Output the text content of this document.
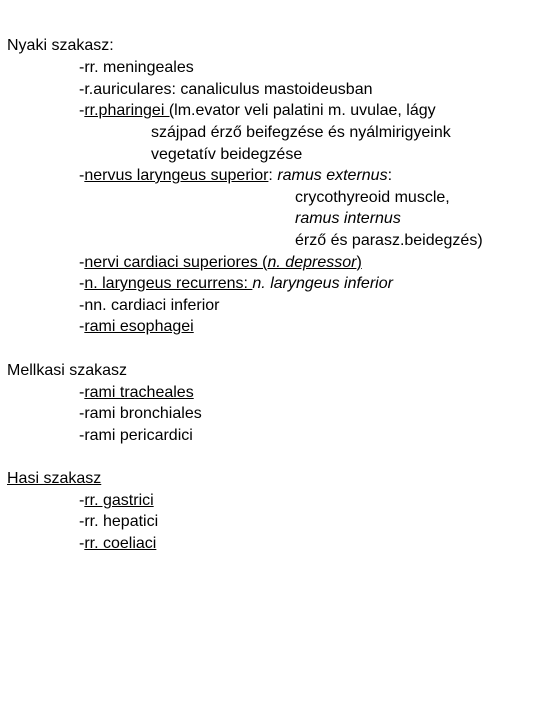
Nyaki szakasz:
-rr. meningeales
-r.auriculares: canaliculus mastoideusban
-rr.pharingei (lm.evator veli palatini m. uvulae, lágy
szájpad érző beifegzése és nyálmirigyeink
vegetatív beidegzése
-nervus laryngeus superior: ramus externus:
crycothyreoid muscle,
ramus internus
érző és parasz.beidegzés)
-nervi cardiaci superiores (n. depressor)
-n. laryngeus recurrens: n. laryngeus inferior
-nn. cardiaci inferior
-rami esophagei
Mellkasi szakasz
-rami tracheales
-rami bronchiales
-rami pericardici
Hasi szakasz
-rr. gastrici
-rr. hepatici
-rr. coeliaci
